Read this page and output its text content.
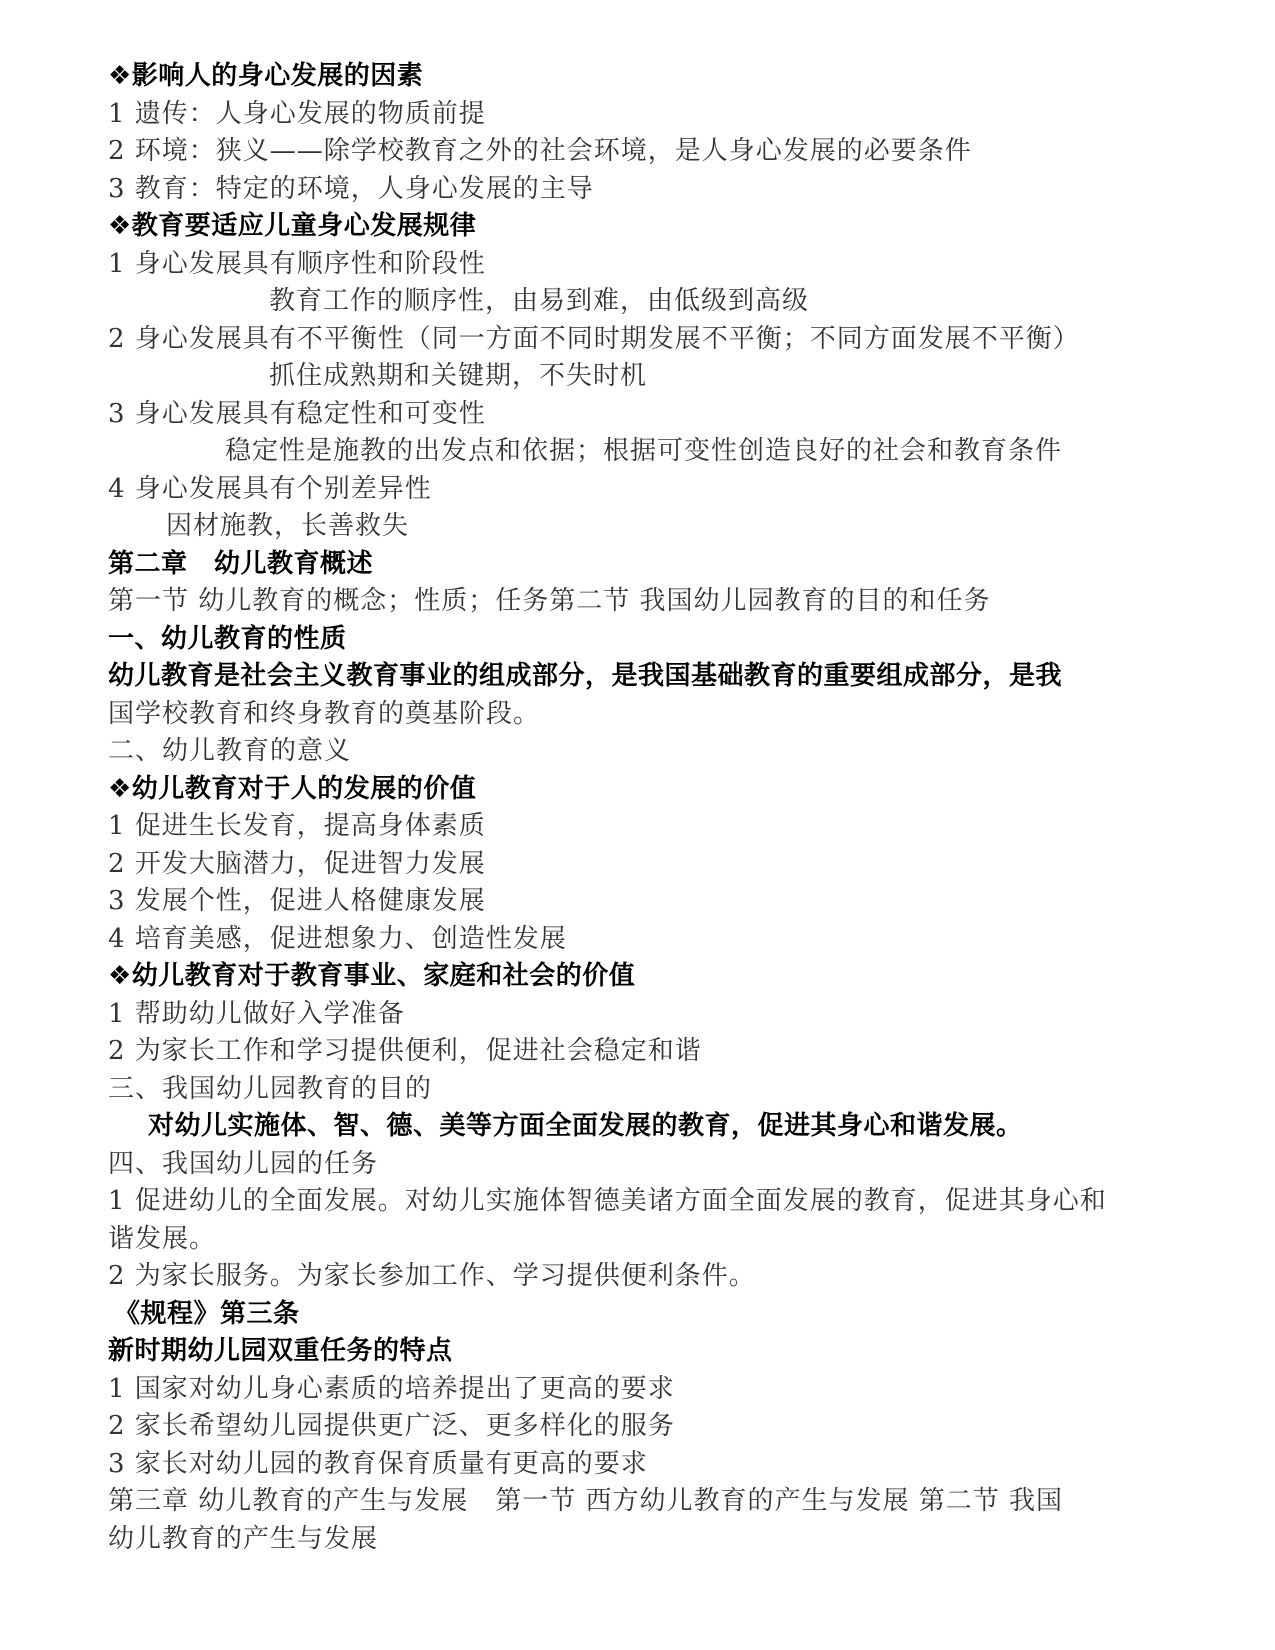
❖影响人的身心发展的因素
1 遗传：人身心发展的物质前提
2 环境：狭义——除学校教育之外的社会环境，是人身心发展的必要条件
3 教育：特定的环境，人身心发展的主导
❖教育要适应儿童身心发展规律
1 身心发展具有顺序性和阶段性
教育工作的顺序性，由易到难，由低级到高级
2 身心发展具有不平衡性（同一方面不同时期发展不平衡；不同方面发展不平衡）
抓住成熟期和关键期，不失时机
3 身心发展具有稳定性和可变性
稳定性是施教的出发点和依据；根据可变性创造良好的社会和教育条件
4 身心发展具有个别差异性
因材施教，长善救失
第二章　幼儿教育概述
第一节 幼儿教育的概念；性质；任务第二节 我国幼儿园教育的目的和任务
一、幼儿教育的性质
幼儿教育是社会主义教育事业的组成部分，是我国基础教育的重要组成部分，是我
国学校教育和终身教育的奠基阶段。
二、幼儿教育的意义
❖幼儿教育对于人的发展的价值
1 促进生长发育，提高身体素质
2 开发大脑潜力，促进智力发展
3 发展个性，促进人格健康发展
4 培育美感，促进想象力、创造性发展
❖幼儿教育对于教育事业、家庭和社会的价值
1 帮助幼儿做好入学准备
2 为家长工作和学习提供便利，促进社会稳定和谐
三、我国幼儿园教育的目的
对幼儿实施体、智、德、美等方面全面发展的教育，促进其身心和谐发展。
四、我国幼儿园的任务
1 促进幼儿的全面发展。对幼儿实施体智德美诸方面全面发展的教育，促进其身心和
谐发展。
2 为家长服务。为家长参加工作、学习提供便利条件。
《规程》第三条
新时期幼儿园双重任务的特点
1 国家对幼儿身心素质的培养提出了更高的要求
2 家长希望幼儿园提供更广泛、更多样化的服务
3 家长对幼儿园的教育保育质量有更高的要求
第三章 幼儿教育的产生与发展　第一节 西方幼儿教育的产生与发展 第二节 我国
幼儿教育的产生与发展
